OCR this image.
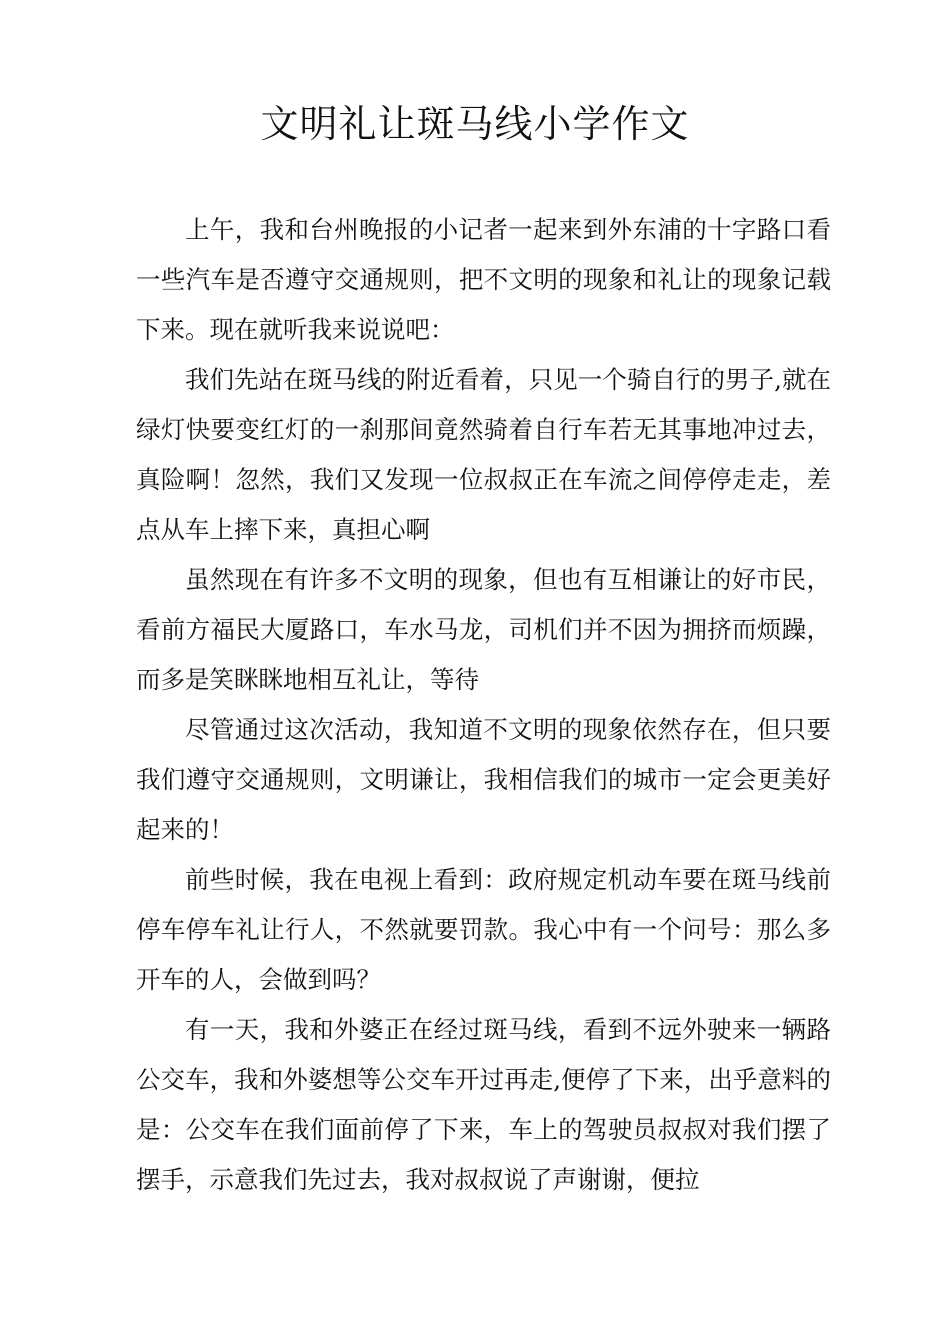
文明礼让斑马线小学作文

上午，我和台州晚报的小记者一起来到外东浦的十字路口看一些汽车是否遵守交通规则，把不文明的现象和礼让的现象记载下来。现在就听我来说说吧：

我们先站在斑马线的附近看着，只见一个骑自行的男子,就在绿灯快要变红灯的一刹那间竟然骑着自行车若无其事地冲过去，真险啊！忽然，我们又发现一位叔叔正在车流之间停停走走，差点从车上摔下来，真担心啊

虽然现在有许多不文明的现象，但也有互相谦让的好市民，看前方福民大厦路口，车水马龙，司机们并不因为拥挤而烦躁，而多是笑眯眯地相互礼让，等待

尽管通过这次活动，我知道不文明的现象依然存在，但只要我们遵守交通规则，文明谦让，我相信我们的城市一定会更美好起来的！

前些时候，我在电视上看到：政府规定机动车要在斑马线前停车停车礼让行人，不然就要罚款。我心中有一个问号：那么多开车的人，会做到吗？

有一天，我和外婆正在经过斑马线，看到不远外驶来一辆路公交车，我和外婆想等公交车开过再走,便停了下来，出乎意料的是：公交车在我们面前停了下来，车上的驾驶员叔叔对我们摆了摆手，示意我们先过去，我对叔叔说了声谢谢，便拉
